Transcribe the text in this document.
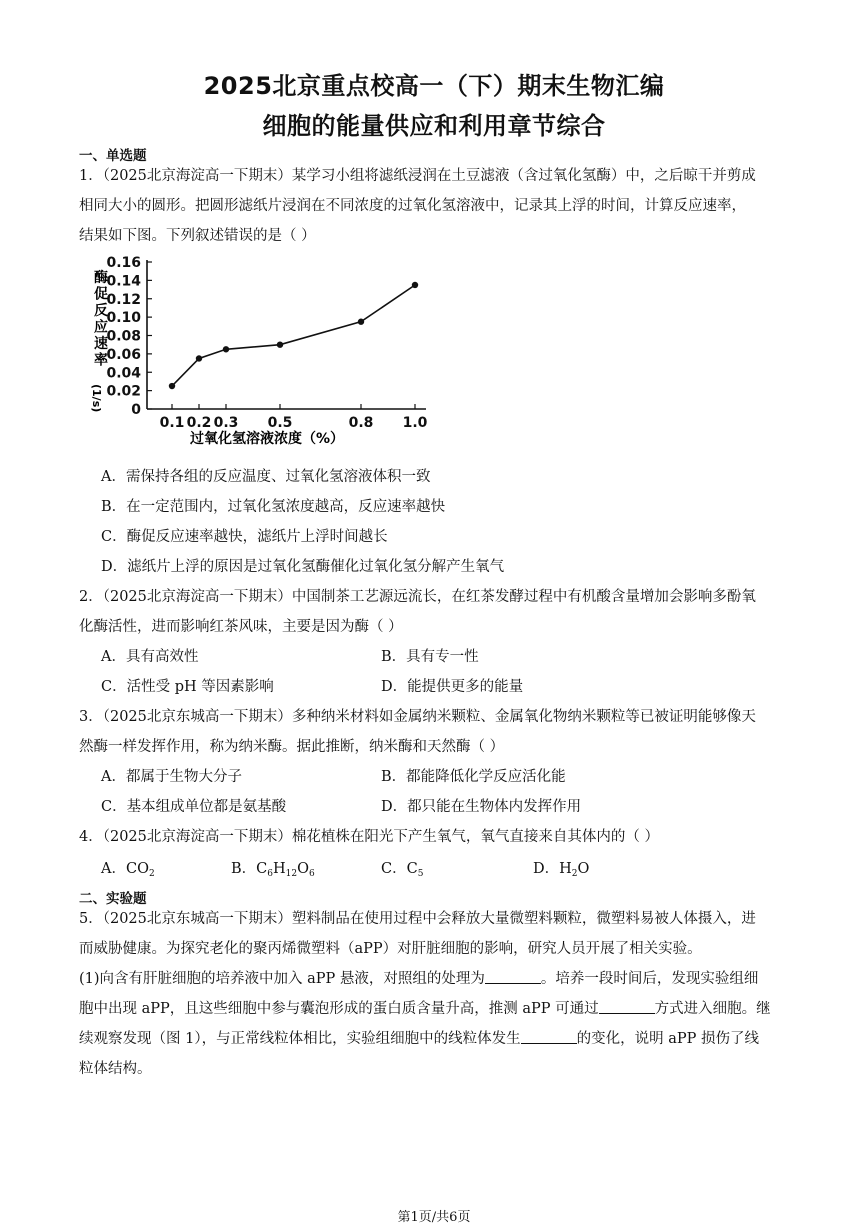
2025北京重点校高一（下）期末生物汇编
细胞的能量供应和利用章节综合
一、单选题
1．（2025北京海淀高一下期末）某学习小组将滤纸浸润在土豆滤液（含过氧化氢酶）中，之后晾干并剪成
相同大小的圆形。把圆形滤纸片浸润在不同浓度的过氧化氢溶液中，记录其上浮的时间，计算反应速率，
结果如下图。下列叙述错误的是（ ）
0
0.02
0.04
0.06
0.08
0.10
0.12
0.14
0.16
0.1 0.2 0.3 0.5	0.8 1.0
酶促反应速率
(1/s)
过氧化氢溶液浓度（%）
A．需保持各组的反应温度、过氧化氢溶液体积一致
B．在一定范围内，过氧化氢浓度越高，反应速率越快
C．酶促反应速率越快，滤纸片上浮时间越长
D．滤纸片上浮的原因是过氧化氢酶催化过氧化氢分解产生氧气
2．（2025北京海淀高一下期末）中国制茶工艺源远流长，在红茶发酵过程中有机酸含量增加会影响多酚氧
化酶活性，进而影响红茶风味，主要是因为酶（ ）
A．具有高效性	B．具有专一性
C．活性受 pH 等因素影响	D．能提供更多的能量
3．（2025北京东城高一下期末）多种纳米材料如金属纳米颗粒、金属氧化物纳米颗粒等已被证明能够像天
然酶一样发挥作用，称为纳米酶。据此推断，纳米酶和天然酶（ ）
A．都属于生物大分子	B．都能降低化学反应活化能
C．基本组成单位都是氨基酸	D．都只能在生物体内发挥作用
4．（2025北京海淀高一下期末）棉花植株在阳光下产生氧气，氧气直接来自其体内的（ ）
A．$CO_2$	B．$C_6H_{12}O_6$	C．$C_5$	D．$H_2O$
二、实验题
5．（2025北京东城高一下期末）塑料制品在使用过程中会释放大量微塑料颗粒，微塑料易被人体摄入，进
而威胁健康。为探究老化的聚丙烯微塑料（aPP）对肝脏细胞的影响，研究人员开展了相关实验。
(1)向含有肝脏细胞的培养液中加入 aPP 悬液，对照组的处理为	。培养一段时间后，发现实验组细
胞中出现 aPP，且这些细胞中参与囊泡形成的蛋白质含量升高，推测 aPP 可通过	方式进入细胞。继
续观察发现（图 1），与正常线粒体相比，实验组细胞中的线粒体发生	的变化，说明 aPP 损伤了线
粒体结构。
第1页/共6页
